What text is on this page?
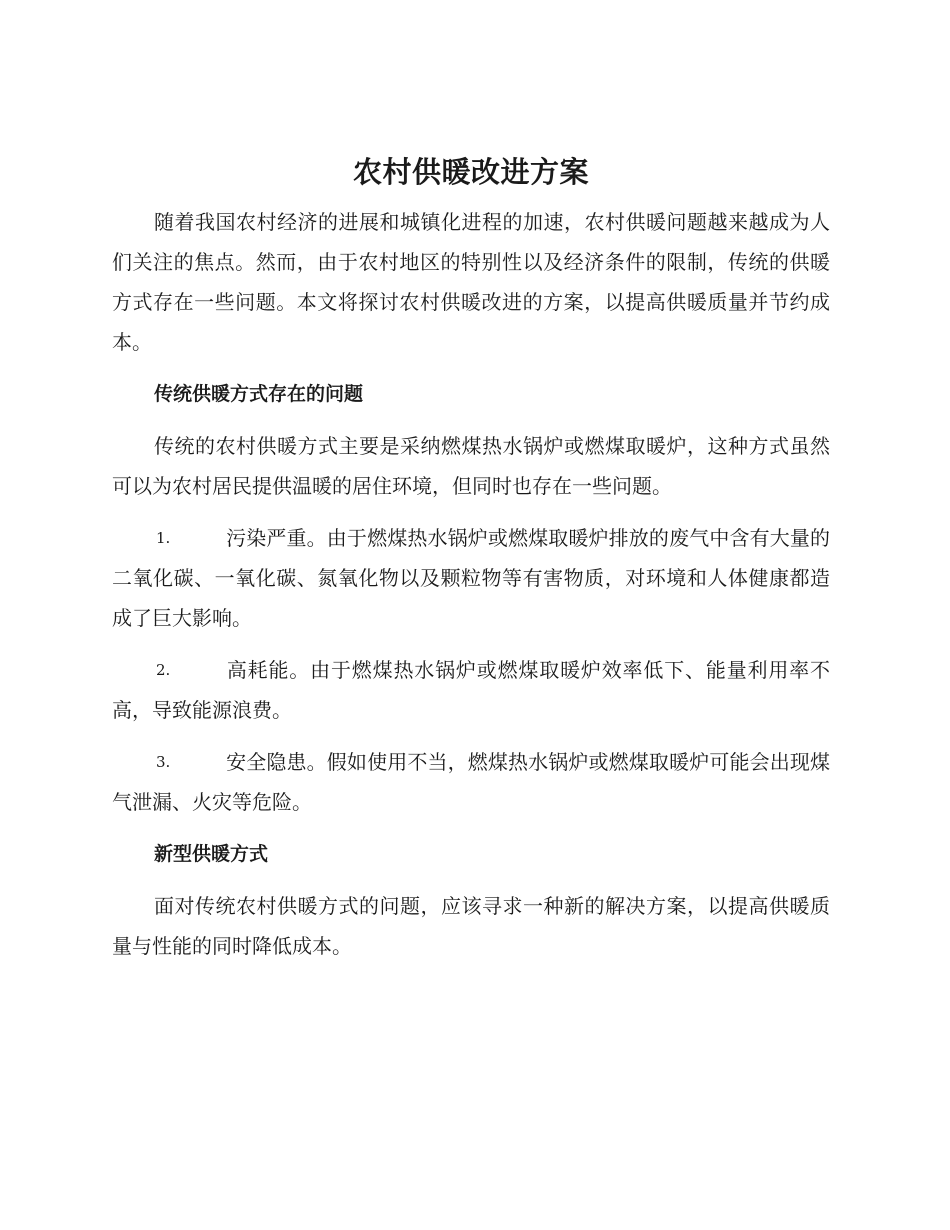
农村供暖改进方案

随着我国农村经济的进展和城镇化进程的加速，农村供暖问题越来越成为人们关注的焦点。然而，由于农村地区的特别性以及经济条件的限制，传统的供暖方式存在一些问题。本文将探讨农村供暖改进的方案，以提高供暖质量并节约成本。

传统供暖方式存在的问题

传统的农村供暖方式主要是采纳燃煤热水锅炉或燃煤取暖炉，这种方式虽然可以为农村居民提供温暖的居住环境，但同时也存在一些问题。

1.	污染严重。由于燃煤热水锅炉或燃煤取暖炉排放的废气中含有大量的二氧化碳、一氧化碳、氮氧化物以及颗粒物等有害物质，对环境和人体健康都造成了巨大影响。

2.	高耗能。由于燃煤热水锅炉或燃煤取暖炉效率低下、能量利用率不高，导致能源浪费。

3.	安全隐患。假如使用不当，燃煤热水锅炉或燃煤取暖炉可能会出现煤气泄漏、火灾等危险。

新型供暖方式

面对传统农村供暖方式的问题，应该寻求一种新的解决方案，以提高供暖质量与性能的同时降低成本。
